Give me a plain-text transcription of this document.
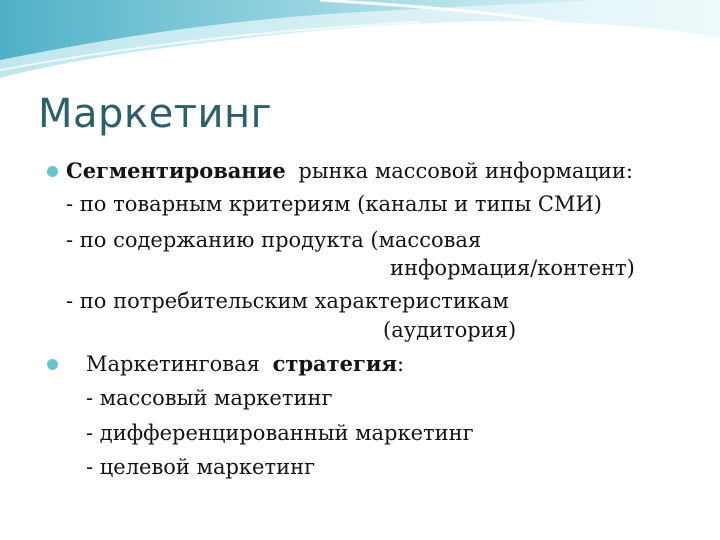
Маркетинг
Сегментирование рынка массовой информации:
- по товарным критериям (каналы и типы СМИ)
- по содержанию продукта (массовая
информация/контент)
- по потребительским характеристикам
(аудитория)
Маркетинговая стратегия:
- массовый маркетинг
- дифференцированный маркетинг
- целевой маркетинг
